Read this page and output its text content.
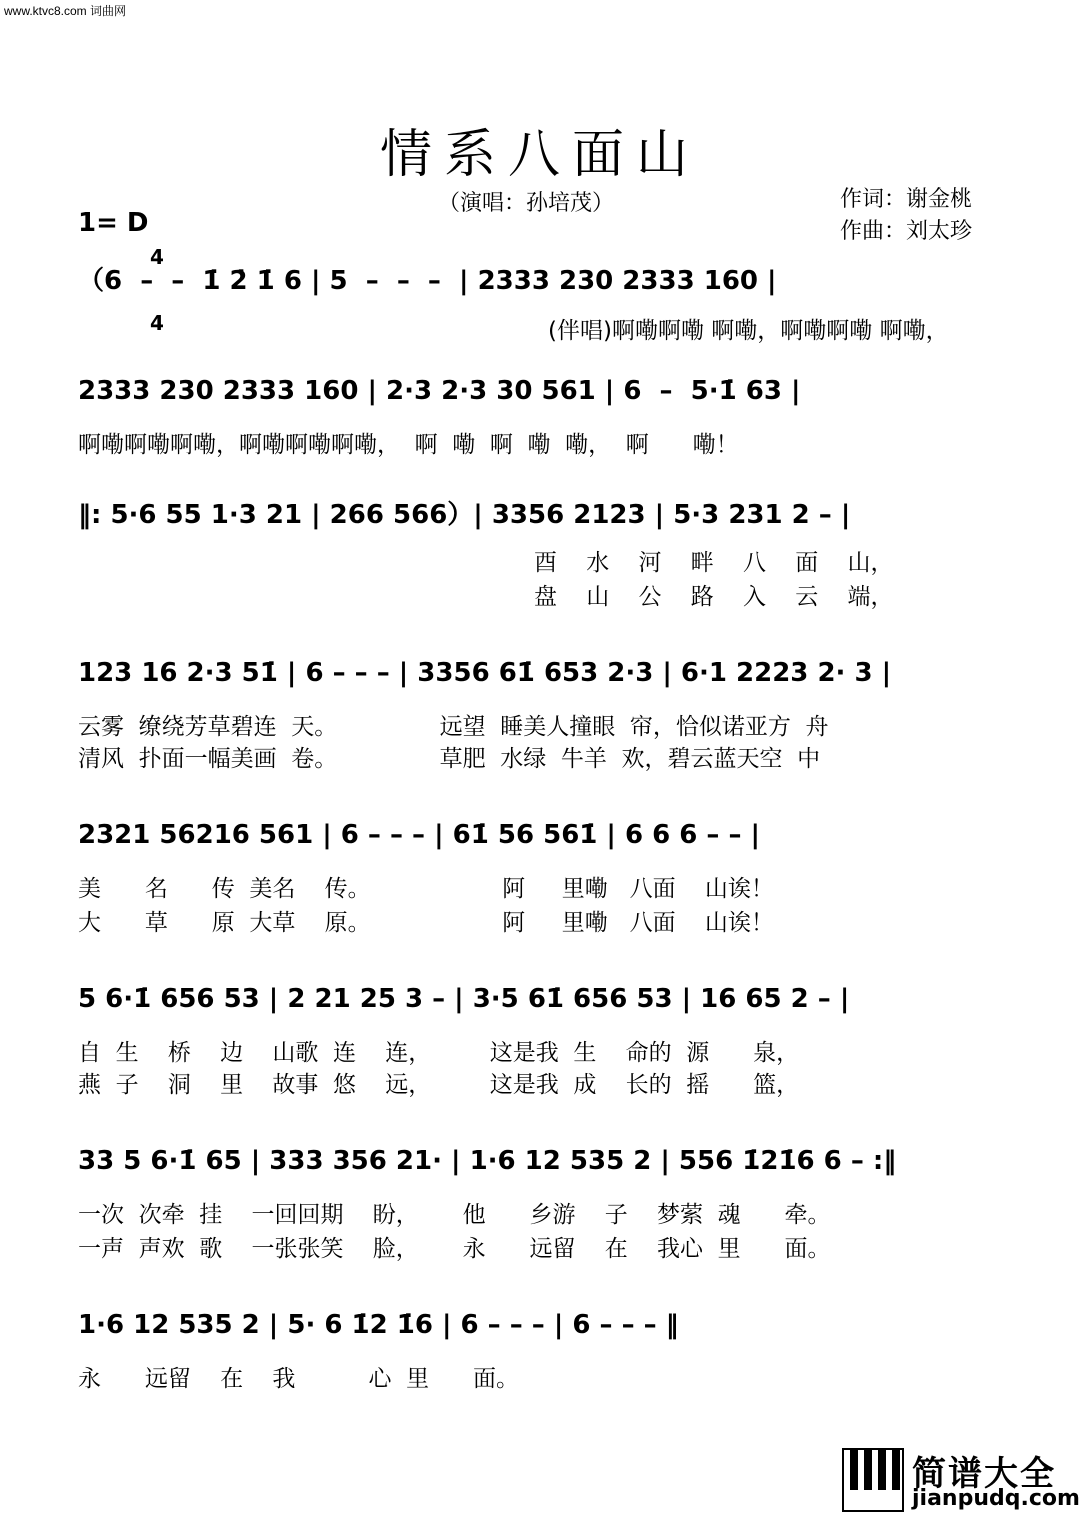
www.ktvc8.com 词曲网
情系八面山
（演唱：孙培茂）	作词：谢金桃
作曲：刘太珍
1= D

4

4

（6  –  –  1̇ 2̇ 1̇ 6 | 5  –  –  –  | 2333 230 2333 160 |
(伴唱)啊嘞啊嘞 啊嘞，啊嘞啊嘞 啊嘞，
2333 230 2333 160 | 2·3 2·3 30 561 | 6  –  5·1̇ 63 |
啊嘞啊嘞啊嘞，啊嘞啊嘞啊嘞，  啊  嘞  啊  嘞  嘞，  啊      嘞！
‖: 5·6 55 1·3 21 | 266 566）| 3356 2123 | 5·3 231 2 – |
酉    水    河    畔    八    面    山，
盘    山    公    路    入    云    端，
123 16 2·3 51̇ | 6 – – – | 3356 61̇ 653 2·3 | 6·1 2223 2· 3 |
云雾  缭绕芳草碧连  天。              远望  睡美人撞眼  帘，恰似诺亚方  舟
清风  扑面一幅美画  卷。              草肥  水绿  牛羊  欢，碧云蓝天空  中
2321 56216 561 | 6 – – – | 61̇ 56 561̇ | 6 6 6 – – |
美      名      传  美名    传。                  阿     里嘞   八面    山诶！
大      草      原  大草    原。                  阿     里嘞   八面    山诶！
5 6·1̇ 656 53 | 2 21 25 3 – | 3·5 61̇ 656 53 | 16 65 2 – |
自  生    桥    边    山歌  连    连，        这是我  生    命的  源      泉，
燕  子    洞    里    故事  悠    远，        这是我  成    长的  摇      篮，
33 5 6·1̇ 65 | 333 356 21· | 1·6 12 535 2 | 556 1̇21̇6 6 – :‖
一次  次牵  挂    一回回期    盼，      他      乡游    子    梦萦  魂      牵。
一声  声欢  歌    一张张笑    脸，      永      远留    在    我心  里      面。
1·6 12 535 2 | 5· 6 1̇2 1̇6 | 6 – – – | 6 – – – ‖
永      远留    在    我          心  里      面。

简谱大全

jianpudq.com
